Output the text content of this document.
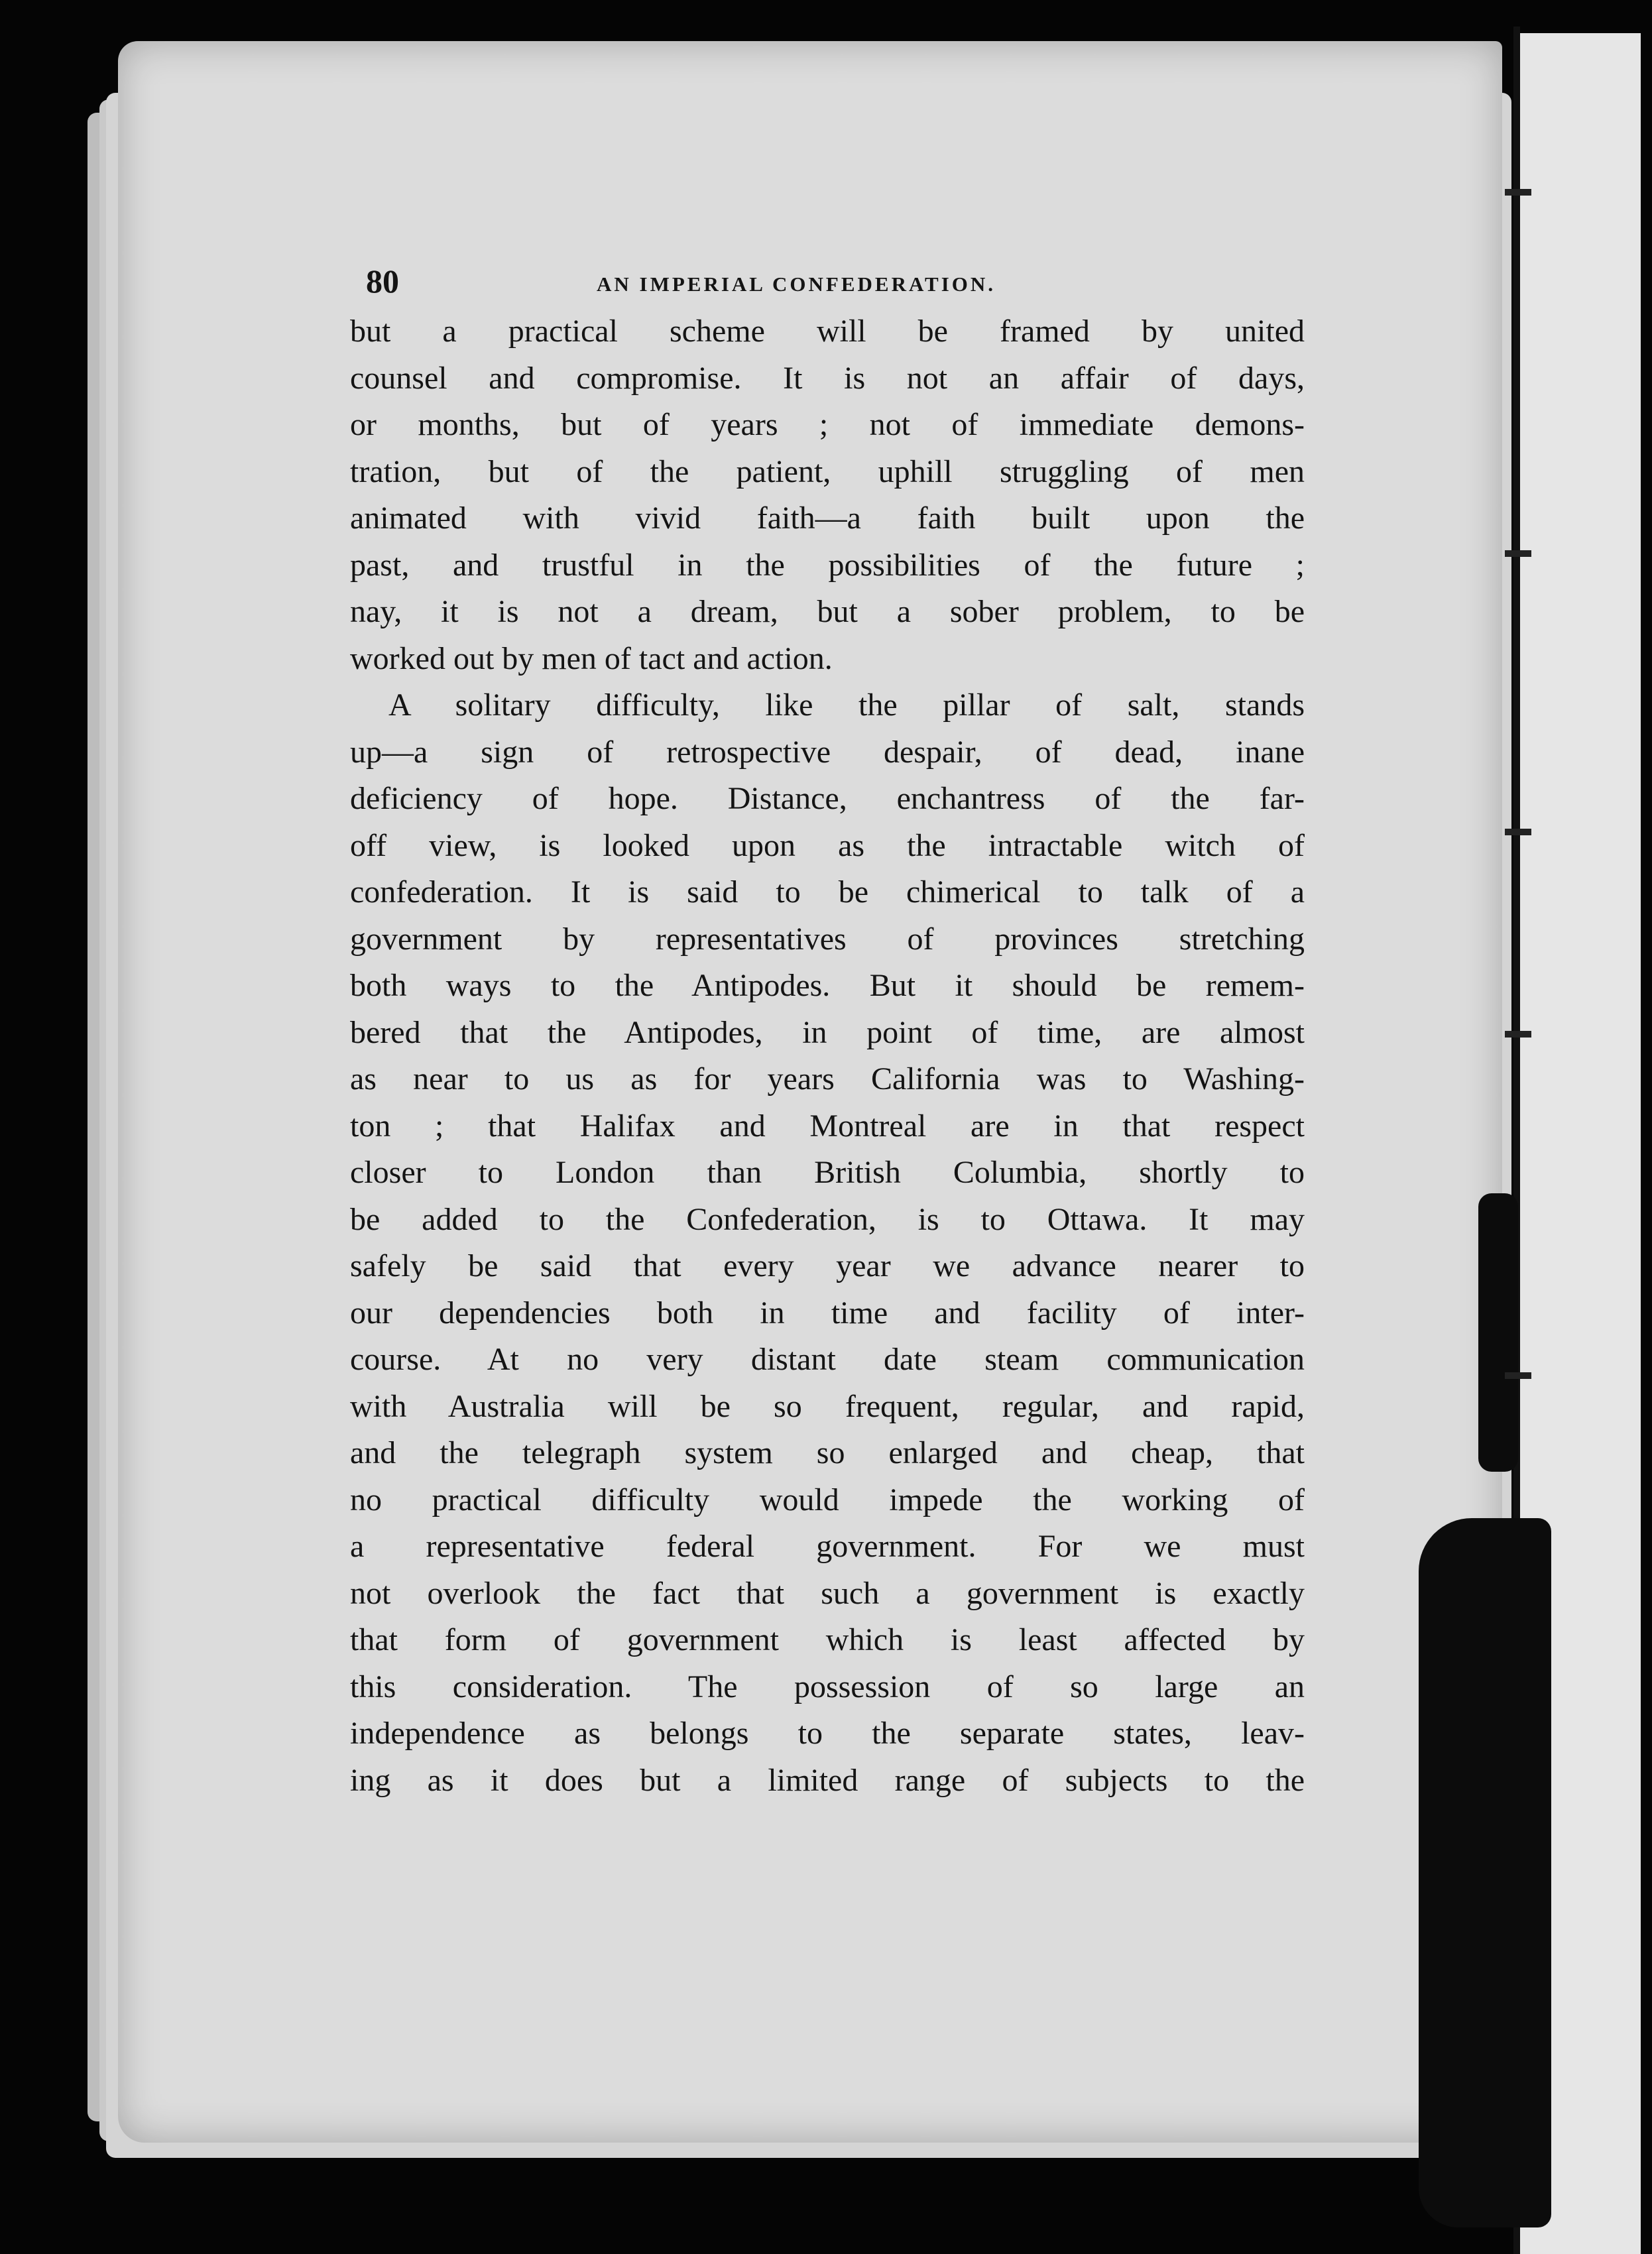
80	AN IMPERIAL CONFEDERATION.
but a practical scheme will be framed by united
counsel and compromise. It is not an affair of days,
or months, but of years ; not of immediate demons-
tration, but of the patient, uphill struggling of men
animated with vivid faith—a faith built upon the
past, and trustful in the possibilities of the future ;
nay, it is not a dream, but a sober problem, to be
worked out by men of tact and action.
A solitary difficulty, like the pillar of salt, stands
up—a sign of retrospective despair, of dead, inane
deficiency of hope. Distance, enchantress of the far-
off view, is looked upon as the intractable witch of
confederation. It is said to be chimerical to talk of a
government by representatives of provinces stretching
both ways to the Antipodes. But it should be remem-
bered that the Antipodes, in point of time, are almost
as near to us as for years California was to Washing-
ton ; that Halifax and Montreal are in that respect
closer to London than British Columbia, shortly to
be added to the Confederation, is to Ottawa. It may
safely be said that every year we advance nearer to
our dependencies both in time and facility of inter-
course. At no very distant date steam communication
with Australia will be so frequent, regular, and rapid,
and the telegraph system so enlarged and cheap, that
no practical difficulty would impede the working of
a representative federal government. For we must
not overlook the fact that such a government is exactly
that form of government which is least affected by
this consideration. The possession of so large an
independence as belongs to the separate states, leav-
ing as it does but a limited range of subjects to the
